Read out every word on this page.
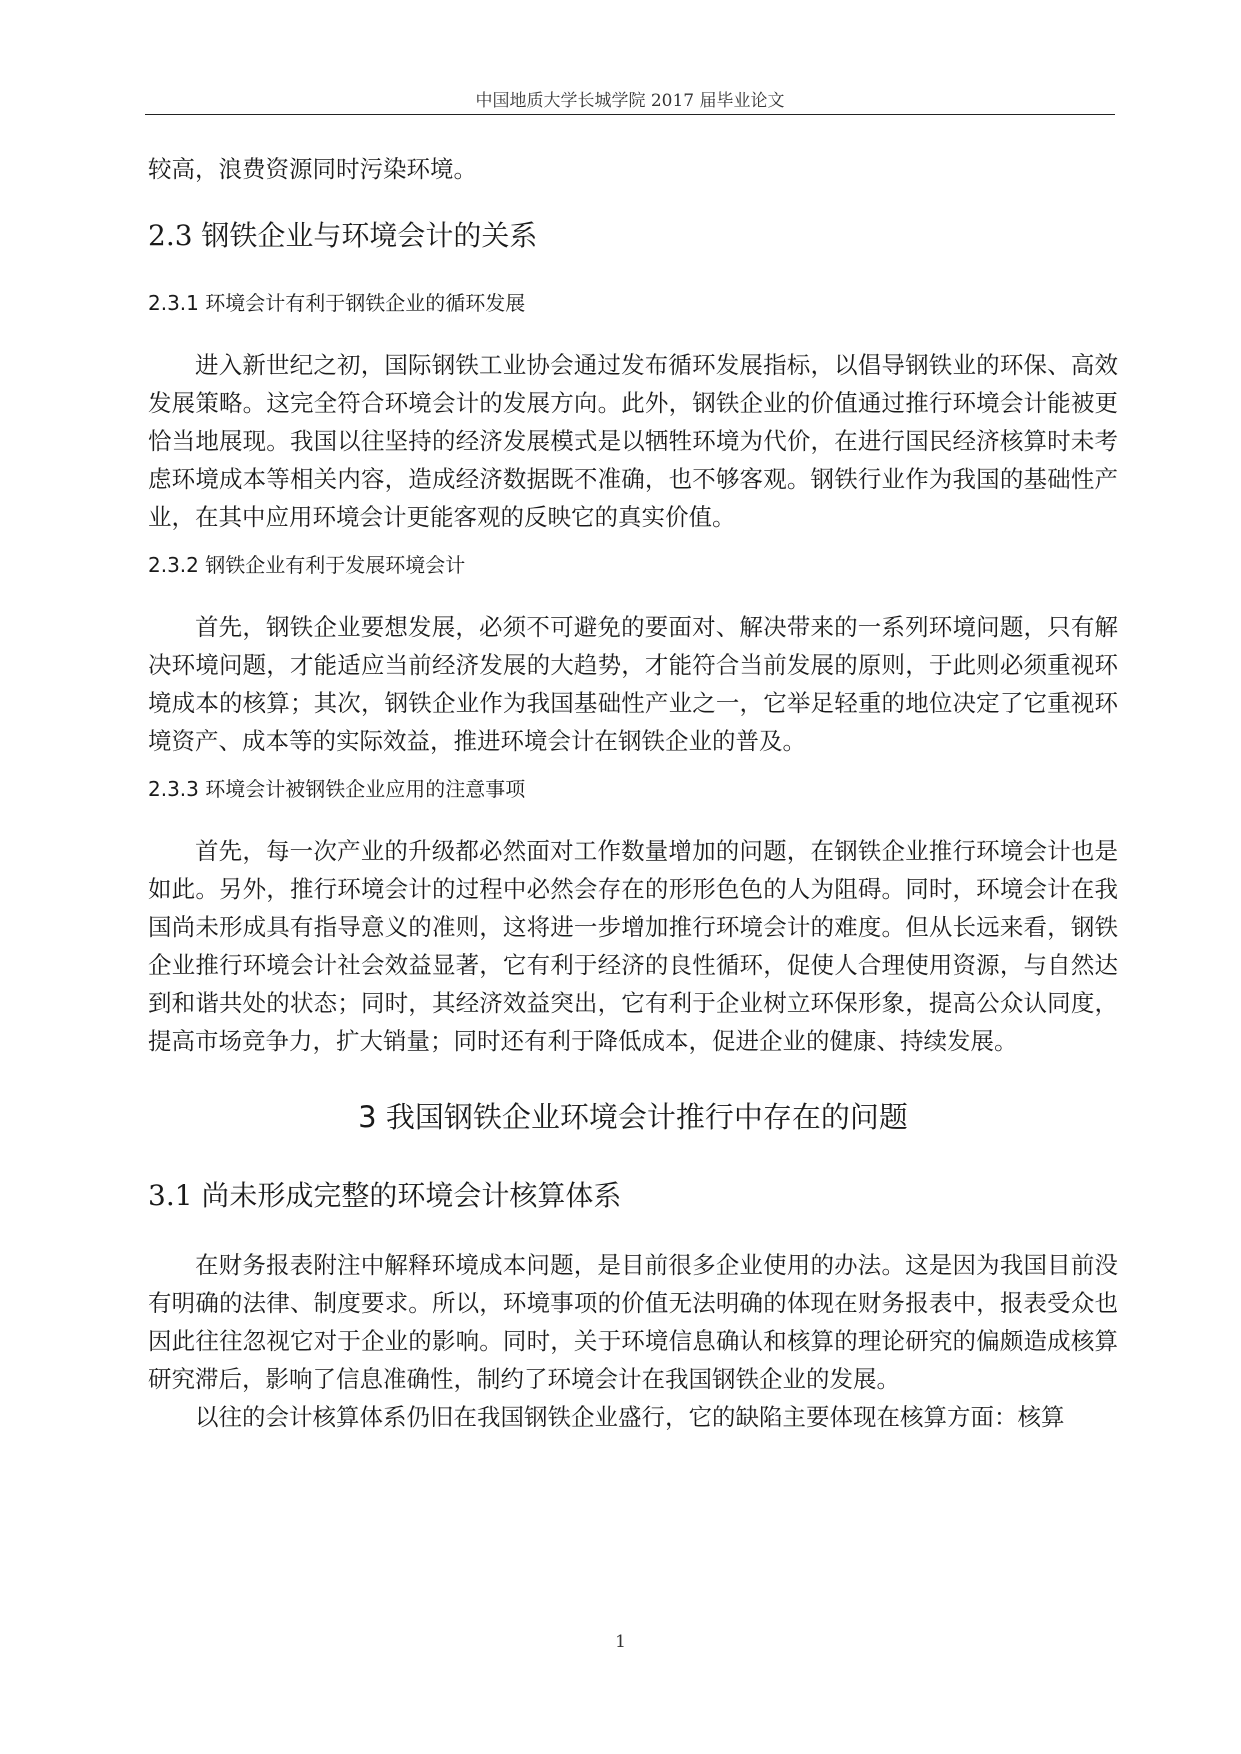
中国地质大学长城学院 2017 届毕业论文

较高，浪费资源同时污染环境。

2.3 钢铁企业与环境会计的关系
2.3.1 环境会计有利于钢铁企业的循环发展

进入新世纪之初，国际钢铁工业协会通过发布循环发展指标，以倡导钢铁业的环保、高效发展策略。这完全符合环境会计的发展方向。此外，钢铁企业的价值通过推行环境会计能被更恰当地展现。我国以往坚持的经济发展模式是以牺牲环境为代价，在进行国民经济核算时未考虑环境成本等相关内容，造成经济数据既不准确，也不够客观。钢铁行业作为我国的基础性产业，在其中应用环境会计更能客观的反映它的真实价值。

2.3.2 钢铁企业有利于发展环境会计

首先，钢铁企业要想发展，必须不可避免的要面对、解决带来的一系列环境问题，只有解决环境问题，才能适应当前经济发展的大趋势，才能符合当前发展的原则，于此则必须重视环境成本的核算；其次，钢铁企业作为我国基础性产业之一，它举足轻重的地位决定了它重视环境资产、成本等的实际效益，推进环境会计在钢铁企业的普及。

2.3.3 环境会计被钢铁企业应用的注意事项

首先，每一次产业的升级都必然面对工作数量增加的问题，在钢铁企业推行环境会计也是如此。另外，推行环境会计的过程中必然会存在的形形色色的人为阻碍。同时，环境会计在我国尚未形成具有指导意义的准则，这将进一步增加推行环境会计的难度。但从长远来看，钢铁企业推行环境会计社会效益显著，它有利于经济的良性循环，促使人合理使用资源，与自然达到和谐共处的状态；同时，其经济效益突出，它有利于企业树立环保形象，提高公众认同度，提高市场竞争力，扩大销量；同时还有利于降低成本，促进企业的健康、持续发展。

3 我国钢铁企业环境会计推行中存在的问题
3.1 尚未形成完整的环境会计核算体系

在财务报表附注中解释环境成本问题，是目前很多企业使用的办法。这是因为我国目前没有明确的法律、制度要求。所以，环境事项的价值无法明确的体现在财务报表中，报表受众也因此往往忽视它对于企业的影响。同时，关于环境信息确认和核算的理论研究的偏颇造成核算研究滞后，影响了信息准确性，制约了环境会计在我国钢铁企业的发展。

以往的会计核算体系仍旧在我国钢铁企业盛行，它的缺陷主要体现在核算方面：核算

1
